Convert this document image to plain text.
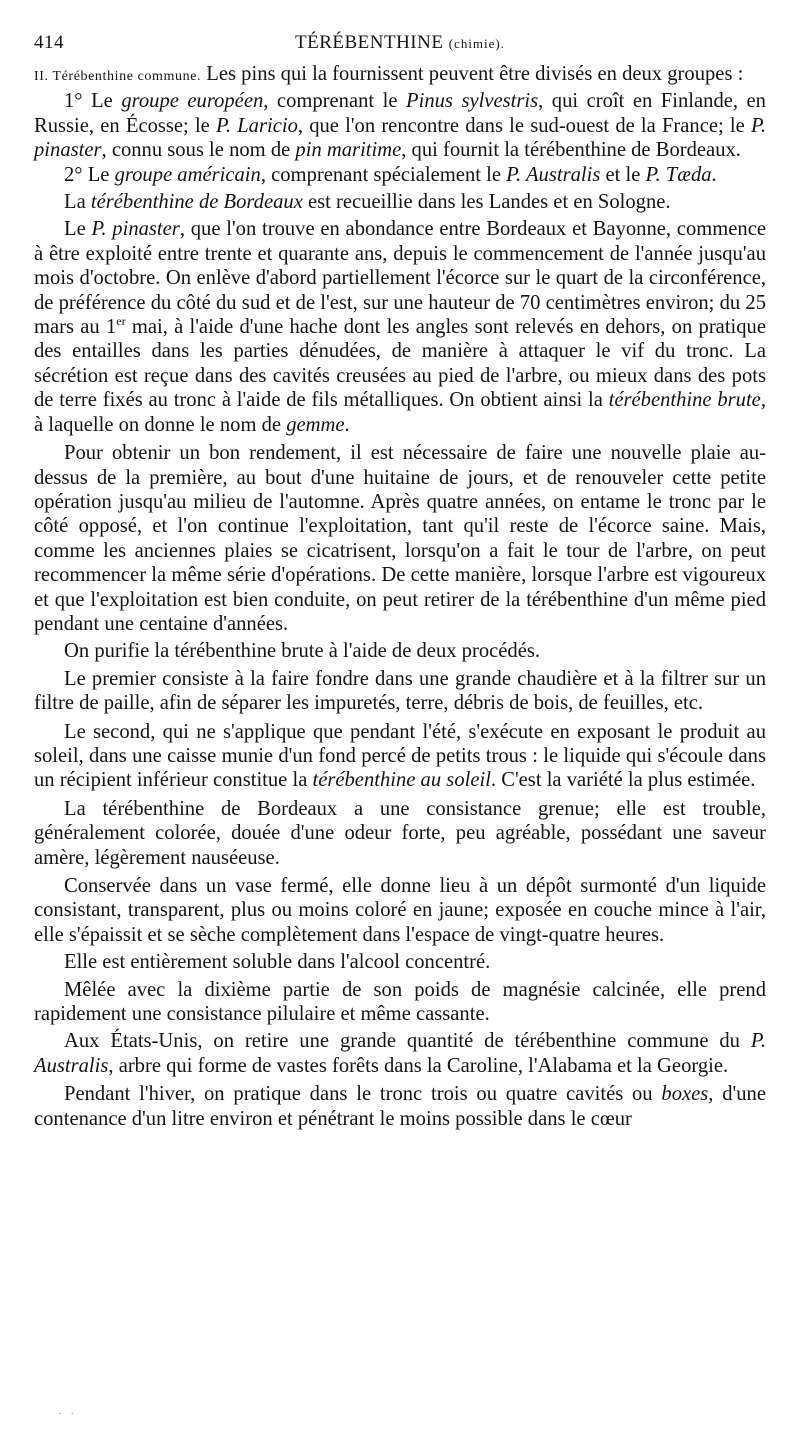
414	TÉRÉBENTHINE (chimie).

II. Térébenthine commune. Les pins qui la fournissent peuvent être divisés en deux groupes :

1° Le groupe européen, comprenant le Pinus sylvestris, qui croît en Finlande, en Russie, en Écosse; le P. Laricio, que l'on rencontre dans le sud-ouest de la France; le P. pinaster, connu sous le nom de pin maritime, qui fournit la térébenthine de Bordeaux.

2° Le groupe américain, comprenant spécialement le P. Australis et le P. Tæda.

La térébenthine de Bordeaux est recueillie dans les Landes et en Sologne.

Le P. pinaster, que l'on trouve en abondance entre Bordeaux et Bayonne, commence à être exploité entre trente et quarante ans, depuis le commencement de l'année jusqu'au mois d'octobre. On enlève d'abord partiellement l'écorce sur le quart de la circonférence, de préférence du côté du sud et de l'est, sur une hauteur de 70 centimètres environ; du 25 mars au 1er mai, à l'aide d'une hache dont les angles sont relevés en dehors, on pratique des entailles dans les parties dénudées, de manière à attaquer le vif du tronc. La sécrétion est reçue dans des cavités creusées au pied de l'arbre, ou mieux dans des pots de terre fixés au tronc à l'aide de fils métalliques. On obtient ainsi la térébenthine brute, à laquelle on donne le nom de gemme.

Pour obtenir un bon rendement, il est nécessaire de faire une nouvelle plaie au-dessus de la première, au bout d'une huitaine de jours, et de renouveler cette petite opération jusqu'au milieu de l'automne. Après quatre années, on entame le tronc par le côté opposé, et l'on continue l'exploitation, tant qu'il reste de l'écorce saine. Mais, comme les anciennes plaies se cicatrisent, lorsqu'on a fait le tour de l'arbre, on peut recommencer la même série d'opérations. De cette manière, lorsque l'arbre est vigoureux et que l'exploitation est bien conduite, on peut retirer de la térébenthine d'un même pied pendant une centaine d'années.

On purifie la térébenthine brute à l'aide de deux procédés.

Le premier consiste à la faire fondre dans une grande chaudière et à la filtrer sur un filtre de paille, afin de séparer les impuretés, terre, débris de bois, de feuilles, etc.

Le second, qui ne s'applique que pendant l'été, s'exécute en exposant le produit au soleil, dans une caisse munie d'un fond percé de petits trous : le liquide qui s'écoule dans un récipient inférieur constitue la térébenthine au soleil. C'est la variété la plus estimée.

La térébenthine de Bordeaux a une consistance grenue; elle est trouble, généralement colorée, douée d'une odeur forte, peu agréable, possédant une saveur amère, légèrement nauséeuse.

Conservée dans un vase fermé, elle donne lieu à un dépôt surmonté d'un liquide consistant, transparent, plus ou moins coloré en jaune; exposée en couche mince à l'air, elle s'épaissit et se sèche complètement dans l'espace de vingt-quatre heures.

Elle est entièrement soluble dans l'alcool concentré.

Mêlée avec la dixième partie de son poids de magnésie calcinée, elle prend rapidement une consistance pilulaire et même cassante.

Aux États-Unis, on retire une grande quantité de térébenthine commune du P. Australis, arbre qui forme de vastes forêts dans la Caroline, l'Alabama et la Georgie.

Pendant l'hiver, on pratique dans le tronc trois ou quatre cavités ou boxes, d'une contenance d'un litre environ et pénétrant le moins possible dans le cœur

· ·
